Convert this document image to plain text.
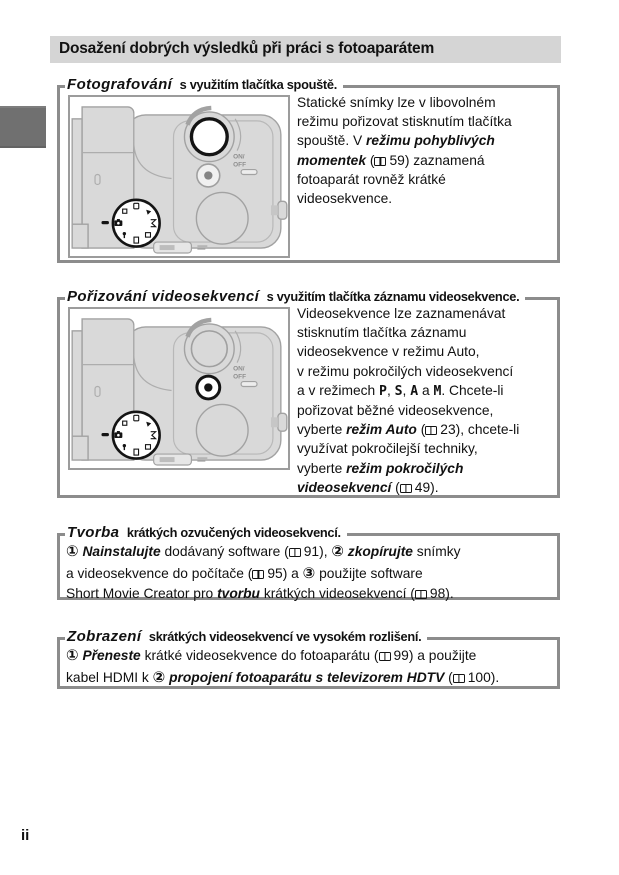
Dosažení dobrých výsledků při práci s fotoaparátem
Fotografování s využitím tlačítka spouště.
ON/
OFF
Statické snímky lze v libovolném
režimu pořizovat stisknutím tlačítka
spouště. V režimu pohyblivých
momentek ( 59) zaznamená
fotoaparát rovněž krátké
videosekvence.
Pořizování videosekvencí s využitím tlačítka záznamu videosekvence.
ON/
OFF
Videosekvence lze zaznamenávat
stisknutím tlačítka záznamu
videosekvence v režimu Auto,
v režimu pokročilých videosekvencí
a v režimech P, S, A a M. Chcete-li
pořizovat běžné videosekvence,
vyberte režim Auto ( 23), chcete-li
využívat pokročilejší techniky,
vyberte režim pokročilých
videosekvencí ( 49).
Tvorba krátkých ozvučených videosekvencí.
① Nainstalujte dodávaný software ( 91), ② zkopírujte snímky
a videosekvence do počítače ( 95) a ③ použijte software
Short Movie Creator pro tvorbu krátkých videosekvencí ( 98).
Zobrazení skrátkých videosekvencí ve vysokém rozlišení.
① Přeneste krátké videosekvence do fotoaparátu ( 99) a použijte
kabel HDMI k ② propojení fotoaparátu s televizorem HDTV ( 100).
ii
